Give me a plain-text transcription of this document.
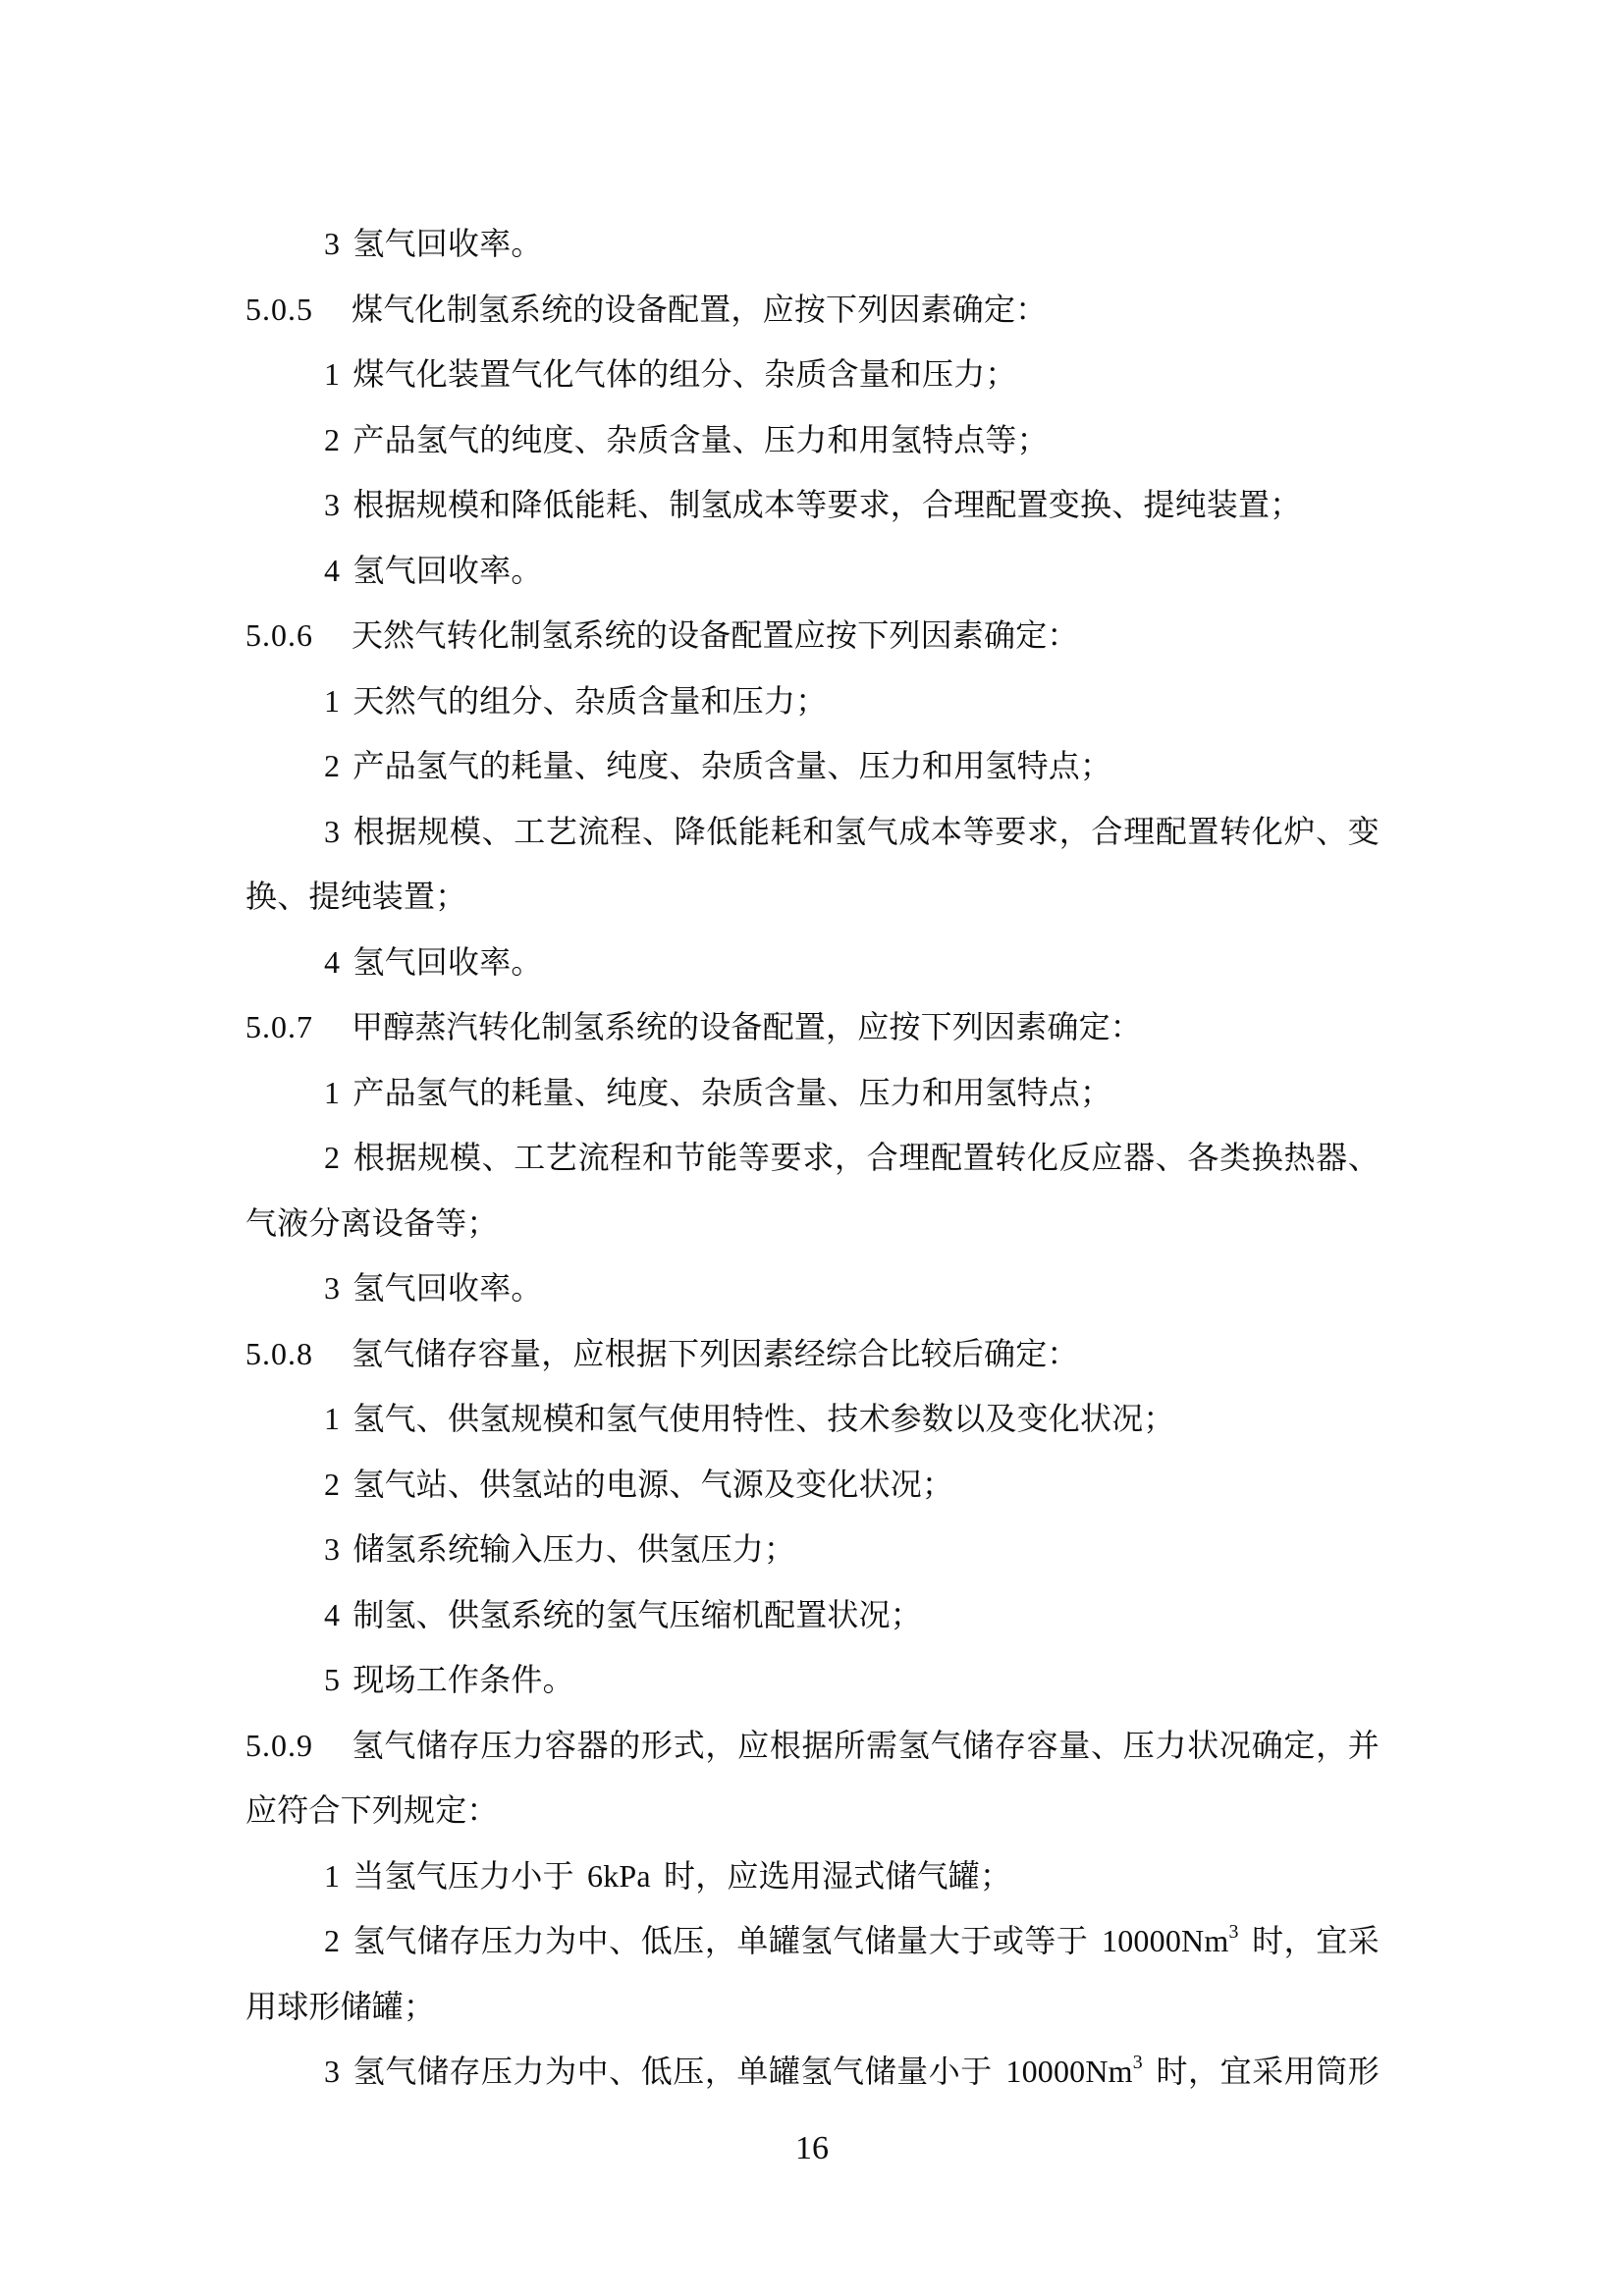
3 氢气回收率。
5.0.5 煤气化制氢系统的设备配置，应按下列因素确定：
1 煤气化装置气化气体的组分、杂质含量和压力；
2 产品氢气的纯度、杂质含量、压力和用氢特点等；
3 根据规模和降低能耗、制氢成本等要求，合理配置变换、提纯装置；
4 氢气回收率。
5.0.6 天然气转化制氢系统的设备配置应按下列因素确定：
1 天然气的组分、杂质含量和压力；
2 产品氢气的耗量、纯度、杂质含量、压力和用氢特点；
3 根据规模、工艺流程、降低能耗和氢气成本等要求，合理配置转化炉、变
换、提纯装置；
4 氢气回收率。
5.0.7 甲醇蒸汽转化制氢系统的设备配置，应按下列因素确定：
1 产品氢气的耗量、纯度、杂质含量、压力和用氢特点；
2 根据规模、工艺流程和节能等要求，合理配置转化反应器、各类换热器、
气液分离设备等；
3 氢气回收率。
5.0.8 氢气储存容量，应根据下列因素经综合比较后确定：
1 氢气、供氢规模和氢气使用特性、技术参数以及变化状况；
2 氢气站、供氢站的电源、气源及变化状况；
3 储氢系统输入压力、供氢压力；
4 制氢、供氢系统的氢气压缩机配置状况；
5 现场工作条件。
5.0.9 氢气储存压力容器的形式，应根据所需氢气储存容量、压力状况确定，并
应符合下列规定：
1 当氢气压力小于 6kPa 时，应选用湿式储气罐；
2 氢气储存压力为中、低压，单罐氢气储量大于或等于 10000Nm$^3$ 时，宜采
用球形储罐；
3 氢气储存压力为中、低压，单罐氢气储量小于 10000Nm$^3$ 时，宜采用筒形
16
